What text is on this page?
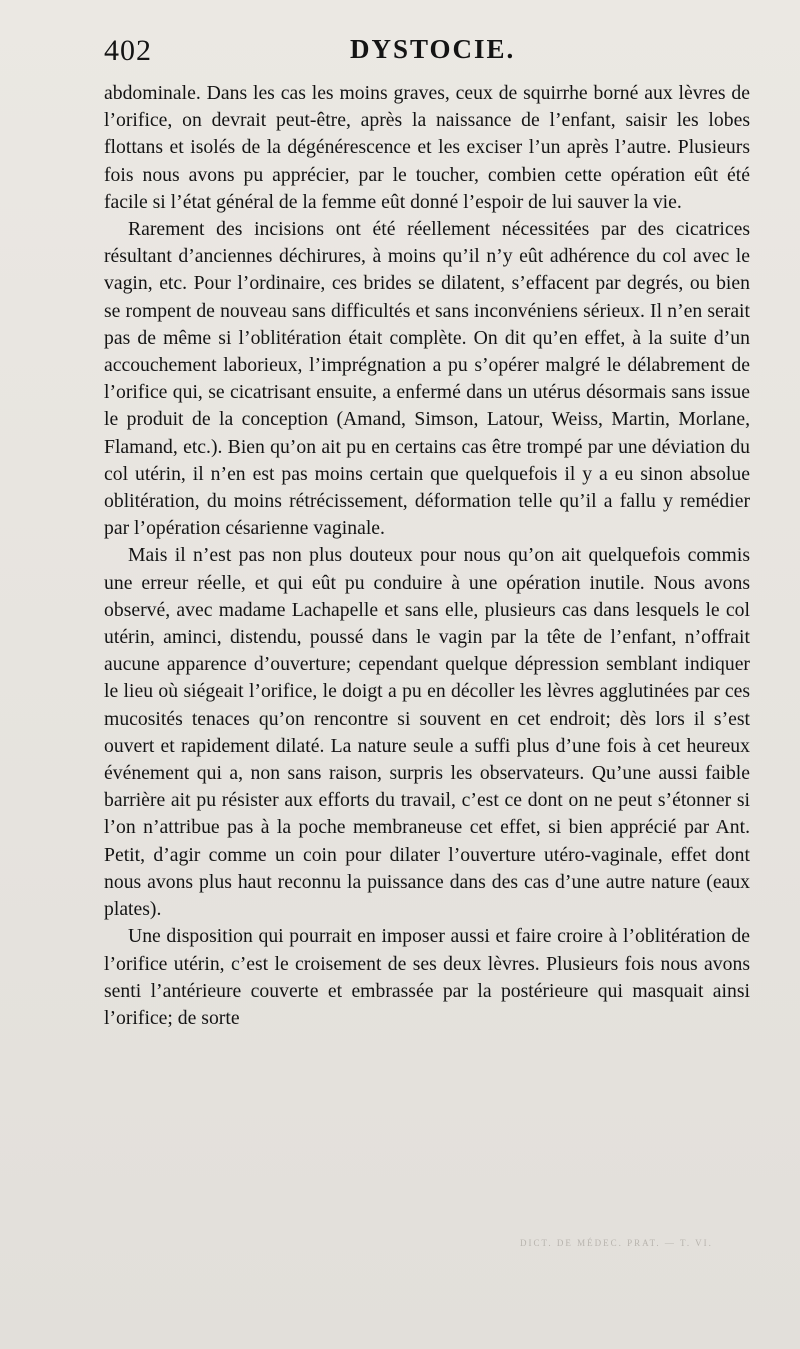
402	DYSTOCIE.

abdominale. Dans les cas les moins graves, ceux de squirrhe borné aux lèvres de l’orifice, on devrait peut-être, après la naissance de l’enfant, saisir les lobes flottans et isolés de la dégénérescence et les exciser l’un après l’autre. Plusieurs fois nous avons pu apprécier, par le toucher, combien cette opération eût été facile si l’état général de la femme eût donné l’espoir de lui sauver la vie.

Rarement des incisions ont été réellement nécessitées par des cicatrices résultant d’anciennes déchirures, à moins qu’il n’y eût adhérence du col avec le vagin, etc. Pour l’ordinaire, ces brides se dilatent, s’effacent par degrés, ou bien se rompent de nouveau sans difficultés et sans inconvéniens sérieux. Il n’en serait pas de même si l’oblitération était complète. On dit qu’en effet, à la suite d’un accouchement laborieux, l’imprégnation a pu s’opérer malgré le délabrement de l’orifice qui, se cicatrisant ensuite, a enfermé dans un utérus désormais sans issue le produit de la conception (Amand, Simson, Latour, Weiss, Martin, Morlane, Flamand, etc.). Bien qu’on ait pu en certains cas être trompé par une déviation du col utérin, il n’en est pas moins certain que quelquefois il y a eu sinon absolue oblitération, du moins rétrécissement, déformation telle qu’il a fallu y remédier par l’opération césarienne vaginale.

Mais il n’est pas non plus douteux pour nous qu’on ait quelquefois commis une erreur réelle, et qui eût pu conduire à une opération inutile. Nous avons observé, avec madame Lachapelle et sans elle, plusieurs cas dans lesquels le col utérin, aminci, distendu, poussé dans le vagin par la tête de l’enfant, n’offrait aucune apparence d’ouverture; cependant quelque dépression semblant indiquer le lieu où siégeait l’orifice, le doigt a pu en décoller les lèvres agglutinées par ces mucosités tenaces qu’on rencontre si souvent en cet endroit; dès lors il s’est ouvert et rapidement dilaté. La nature seule a suffi plus d’une fois à cet heureux événement qui a, non sans raison, surpris les observateurs. Qu’une aussi faible barrière ait pu résister aux efforts du travail, c’est ce dont on ne peut s’étonner si l’on n’attribue pas à la poche membraneuse cet effet, si bien apprécié par Ant. Petit, d’agir comme un coin pour dilater l’ouverture utéro-vaginale, effet dont nous avons plus haut reconnu la puissance dans des cas d’une autre nature (eaux plates).

Une disposition qui pourrait en imposer aussi et faire croire à l’oblitération de l’orifice utérin, c’est le croisement de ses deux lèvres. Plusieurs fois nous avons senti l’antérieure couverte et embrassée par la postérieure qui masquait ainsi l’orifice; de sorte

DICT. DE MÉDEC. PRAT. — T. VI.
